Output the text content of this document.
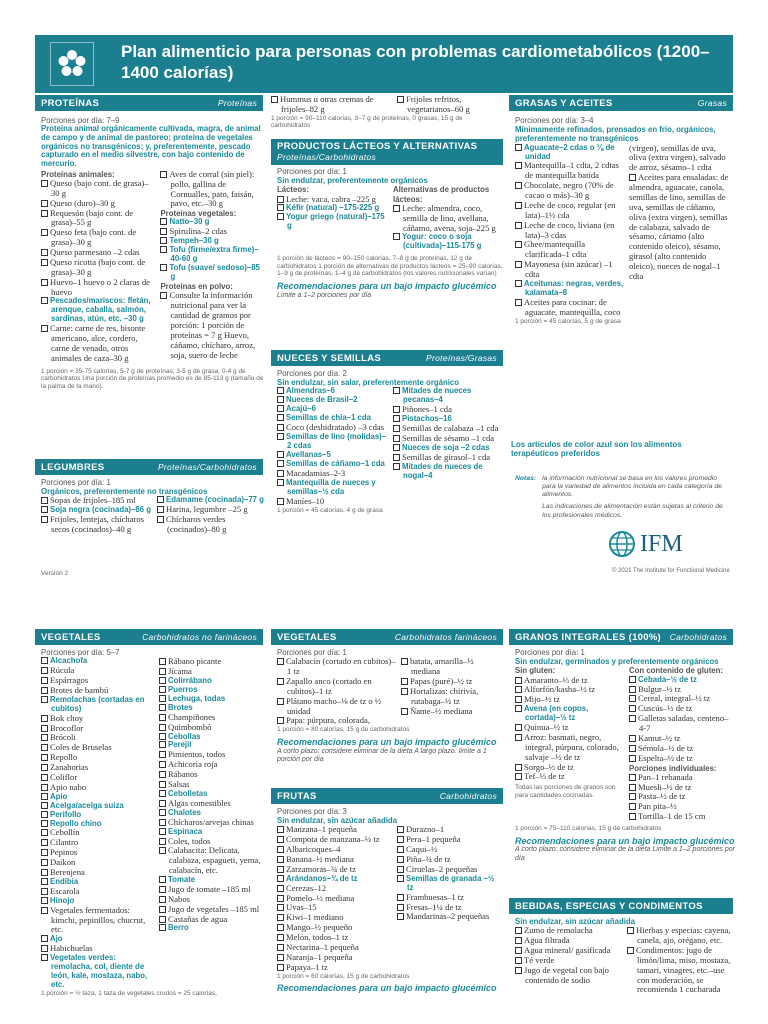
Plan alimenticio para personas con problemas cardiometabólicos (1200–1400 calorías)
PROTEÍNAS	Proteínas
Porciones por día: 7–9
Proteína animal orgánicamente cultivada, magra, de animal de campo y de animal de pastoreo; proteína de vegetales orgánicos no transgénicos; y, preferentemente, pescado capturado en el medio silvestre, con bajo contenido de mercurio.
Proteínas animales:
Queso (bajo cont. de grasa)–30 g
Queso (duro)–30 g
Requesón (bajo cont. de grasa)–55 g
Queso feta (bajo cont. de grasa)–30 g
Queso parmesano –2 cdas
Queso ricotta (bajo cont. de grasa)–30 g
Huevo–1 huevo o 2 claras de huevo
Pescados/mariscos: fletán, arenque, caballa, salmón, sardinas, atún, etc. –30 g
Carne: carne de res, bisonte americano, alce, cordero, carne de venado, otros animales de caza–30 g
Aves de corral (sin piel): pollo, gallina de Cornualles, pato, faisán, pavo, etc.–30 g
Proteínas vegetales:
Natto–30 g
Spirulina–2 cdas
Tempeh–30 g
Tofu (firme/extra firme)–40-60 g
Tofu (suave/ sedoso)–85 g
Proteínas en polvo:
Consulte la información nutricional para ver la cantidad de gramos por porción: 1 porción de proteínas = 7 g Huevo, cáñamo, chícharo, arroz, soja, suero de leche
1 porción = 35-75 calorías, 5-7 g de proteínas, 3-5 g de grasa, 0-4 g de carbohidratos Una porción de proteínas promedio es de 85-113 g (tamaño de la palma de la mano).
LEGUMBRES	Proteínas/Carbohidratos
Porciones por día: 1
Orgánicos, preferentemente no transgénicos
Sopas de frijoles–185 ml
Soja negra (cocinada)–86 g
Frijoles, lentejas, chícharos secos (cocinados)–40 g
Edamame (cocinada)–77 g
Harina, legumbre –25 g
Chícharos verdes (cocinados)–80 g
Versión 2
Hummus u otras cremas de frijoles–82 g
Frijoles refritos, vegetarianos–60 g
1 porción = 90–110 calorías, 3–7 g de proteínas, 0 grasas, 15 g de carbohidratos
PRODUCTOS LÁCTEOS Y ALTERNATIVAS
Proteínas/Carbohidratos
Porciones por día: 1
Sin endulzar, preferentemente orgánicos
Lácteos:
Leche: vaca, cabra –225 g
Kéfir (natural) –175-225 g
Yogur griego (natural)–175 g
Alternativas de productos lácteos:
Leche: almendra, coco, semilla de lino, avellana, cáñamo, avena, soja–225 g
Yogur: coco o soja (cultivada)–115-175 g
1 porción de lácteos = 90–150 calorías, 7–8 g de proteínas, 12 g de carbohidratos 1 porción de alternativas de productos lácteos = 25–90 calorías, 1–9 g de proteínas, 1–4 g de carbohidratos (los valores nutricionales varían)
Recomendaciones para un bajo impacto glucémico
Limite a 1–2 porciones por día
NUECES Y SEMILLAS	Proteínas/Grasas
Porciones por día: 2
Sin endulzar, sin salar, preferentemente orgánico
Almendras–6
Nueces de Brasil–2
Acajú–6
Semillas de chía–1 cda
Coco (deshidratado) –3 cdas
Semillas de lino (molidas)–2 cdas
Avellanas–5
Semillas de cáñamo–1 cda
Macadamias–2-3
Mantequilla de nueces y semillas–½ cda
Maníes–10
Mitades de nueces pecanas–4
Piñones–1 cda
Pistachos–16
Semillas de calabaza –1 cda
Semillas de sésamo –1 cda
Nueces de soja –2 cdas
Semillas de girasol–1 cda
Mitades de nueces de nogal–4
1 porción = 45 calorías, 4 g de grasa
GRASAS Y ACEITES	Grasas
Porciones por día: 3–4
Mínimamente refinados, prensados en frío, orgánicos, preferentemente no transgénicos
Aguacate–2 cdas o ⅛ de unidad
Mantequilla–1 cdta, 2 cdtas de mantequilla batida
Chocolate, negro (70% de cacao o más)–30 g
Leche de coco, regular (en lata)–1½ cda
Leche de coco, liviana (en lata)–3 cdas
Ghee/mantequilla clarificada–1 cdta
Mayonesa (sin azúcar) –1 cdta
Aceitunas: negras, verdes, kalamata–8
Aceites para cocinar: de aguacate, mantequilla, coco
(virgen), semillas de uva, oliva (extra virgen), salvado de arroz, sésamo–1 cdta
Aceites para ensaladas: de almendra, aguacate, canola, semillas de lino, semillas de uva, semillas de cáñamo, oliva (extra virgen), semillas de calabaza, salvado de sésamo, cártamo (alto contenido oleico), sésamo, girasol (alto contenido oleico), nueces de nogal–1 cdta
1 porción = 45 calorías, 5 g de grasa
Los artículos de color azul son los alimentos terapéuticos preferidos
Notas: la información nutricional se basa en los valores promedio para la variedad de alimentos incluida en cada categoría de alimentos.
Las indicaciones de alimentación están sujetas al criterio de los profesionales médicos.
IFM
© 2021 The Institute for Functional Medicine
VEGETALES	Carbohidratos no farináceos
Porciones por día: 5–7
Alcachofa
Rúcula
Espárragos
Brotes de bambú
Remolachas (cortadas en cubitos)
Bok choy
Brocoflor
Brócoli
Coles de Bruselas
Repollo
Zanahorias
Coliflor
Apio nabo
Apio
Acelga/acelga suiza
Perifollo
Repollo chino
Cebollín
Cilantro
Pepinos
Daikon
Berenjena
Endibia
Escarola
Hinojo
Vegetales fermentados: kimchi, pepinillos, chucrut, etc.
Ajo
Habichuelas
Vegetales verdes: remolacha, col, diente de león, kale, mostaza, nabo, etc.
Rábano picante
Jícama
Colirrábano
Puerros
Lechuga, todas
Brotes
Champiñones
Quimbombó
Cebollas
Perejil
Pimientos, todos
Achicoria roja
Rábanos
Salsas
Cebolletas
Algas comestibles
Chalotes
Chícharos/arvejas chinas
Espinaca
Coles, todos
Calabacita: Delicata, calabaza, espagueti, yema, calabacín, etc.
Tomate
Jugo de tomate –185 ml
Nabos
Jugo de vegetales –185 ml
Castañas de agua
Berro
1 porción = ½ taza, 1 taza de vegetales crudos = 25 calorías,
VEGETALES	Carbohidratos farináceos
Porciones por día: 1
Calabacín (cortado en cubitos)–1 tz
Zapallo anco (cortado en cubitos)–1 tz
Plátano macho–⅛ de tz o ½ unidad
Papa: púrpura, colorada,
batata, amarilla–½ mediana
Papas (puré)–½ tz
Hortalizas: chirivía, rutabaga–½ tz
Ñame–½ mediana
1 porción = 80 calorías, 15 g de carbohidratos
Recomendaciones para un bajo impacto glucémico
A corto plazo: considere eliminar de la dieta A largo plazo: limite a 1 porción por día
FRUTAS	Carbohidratos
Porciones por día: 3
Sin endulzar, sin azúcar añadida
Manzana–1 pequeña
Compota de manzana–½ tz
Albaricoques–4
Banana–½ mediana
Zarzamoras–¾ de tz
Arándanos–¾ de tz
Cerezas–12
Pomelo–½ mediana
Uvas–15
Kiwi–1 mediano
Mango–½ pequeño
Melón, todos–1 tz
Nectarina–1 pequeña
Naranja–1 pequeña
Papaya–1 tz
Durazno–1
Pera–1 pequeña
Caqui–½
Piña–¾ de tz
Ciruelas–2 pequeñas
Semillas de granada –½ tz
Frambuesas–1 tz
Fresas–1¼ de tz
Mandarinas–2 pequeñas
1 porción = 60 calorías, 15 g de carbohidratos
Recomendaciones para un bajo impacto glucémico
GRANOS INTEGRALES (100%) Carbohidratos
Porciones por día: 1
Sin endulzar, germinados y preferentemente orgánicos
Sin gluten:
Amaranto–⅓ de tz
Alforfón/kasha–½ tz
Mijo–½ tz
Avena (en copos, cortada)–½ tz
Quinua–½ tz
Arroz: basmati, negro, integral, púrpura, colorado, salvaje –½ de tz
Sorgo–⅓ de tz
Tef–⅓ de tz
Todas las porciones de granos son para cantidades cocinadas.
Con contenido de gluten:
Cebada–½ de tz
Bulgur–½ tz
Cereal, integral–½ tz
Cuscús–½ de tz
Galletas saladas, centeno–4-7
Kamut–½ tz
Sémola–½ de tz
Espelta–½ de tz
Porciones individuales:
Pan–1 rebanada
Muesli–½ de tz
Pasta–½ de tz
Pan pita–½
Tortilla–1 de 15 cm
1 porción = 75–110 calorías, 15 g de carbohidratos
Recomendaciones para un bajo impacto glucémico
A corto plazo: considere eliminar de la dieta Limite a 1–2 porciones por día
BEBIDAS, ESPECIAS Y CONDIMENTOS
Sin endulzar, sin azúcar añadida
Zumo de remolacha
Agua filtrada
Agua mineral/ gasificada
Té verde
Jugo de vegetal con bajo contenido de sodio
Hierbas y especias: cayena, canela, ajo, orégano, etc.
Condimentos: jugo de limón/lima, miso, mostaza, tamari, vinagres, etc.–use con moderación, se recomienda 1 cucharada
